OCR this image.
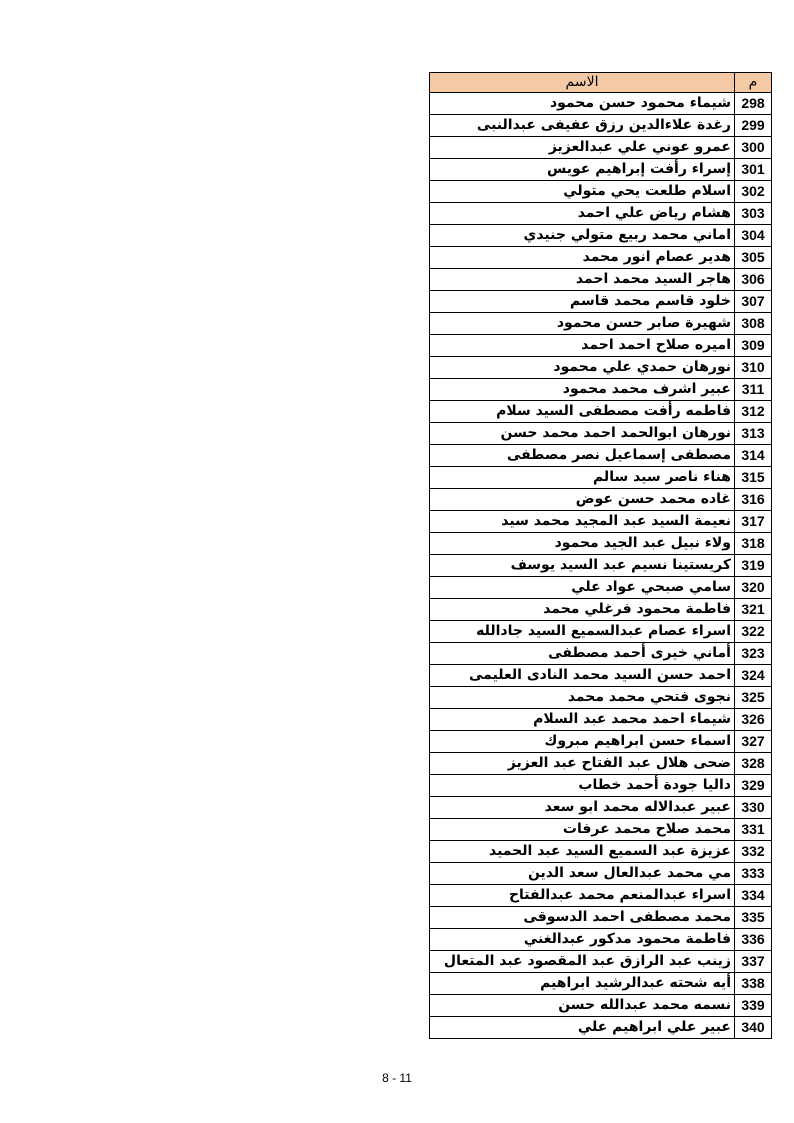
م	الاسم
298	شيماء محمود حسن محمود
299	رغدة علاءالدين رزق عفيفى عبدالنبى
300	عمرو عوني علي عبدالعزيز
301	إسراء رأفت إبراهيم عويس
302	اسلام طلعت يحي متولي
303	هشام رياض علي احمد
304	اماني محمد ربيع متولي جنيدي
305	هدير عصام انور محمد
306	هاجر السيد محمد احمد
307	خلود قاسم محمد قاسم
308	شهيرة صابر حسن محمود
309	اميره صلاح احمد احمد
310	نورهان حمدي علي محمود
311	عبير اشرف محمد محمود
312	فاطمه رأفت مصطفى السيد سلام
313	نورهان ابوالحمد احمد محمد حسن
314	مصطفى إسماعيل نصر مصطفى
315	هناء ناصر سيد سالم
316	غاده محمد حسن عوض
317	نعيمة السيد عبد المجيد محمد سيد
318	ولاء نبيل عبد الجيد محمود
319	كريستينا نسيم عبد السيد يوسف
320	سامي صبحي عواد علي
321	فاطمة محمود فرغلي محمد
322	اسراء عصام عبدالسميع السيد جادالله
323	أماني خيرى أحمد مصطفى
324	احمد حسن السيد محمد النادى العليمى
325	نجوى فتحي محمد محمد
326	شيماء احمد محمد عبد السلام
327	اسماء حسن ابراهيم مبروك
328	ضحى هلال عبد الفتاح عبد العزيز
329	داليا جودة أحمد خطاب
330	عبير عبدالاله محمد ابو سعد
331	محمد صلاح محمد عرفات
332	عزيزة عبد السميع السيد عبد الحميد
333	مي محمد عبدالعال سعد الدين
334	اسراء عبدالمنعم محمد عبدالفتاح
335	محمد مصطفى احمد الدسوقى
336	فاطمة محمود مدكور عبدالغني
337	زينب عبد الرازق عبد المقصود عبد المتعال
338	أيه شحته عبدالرشيد ابراهيم
339	نسمه محمد عبدالله حسن
340	عبير علي ابراهيم علي
8 - 11
